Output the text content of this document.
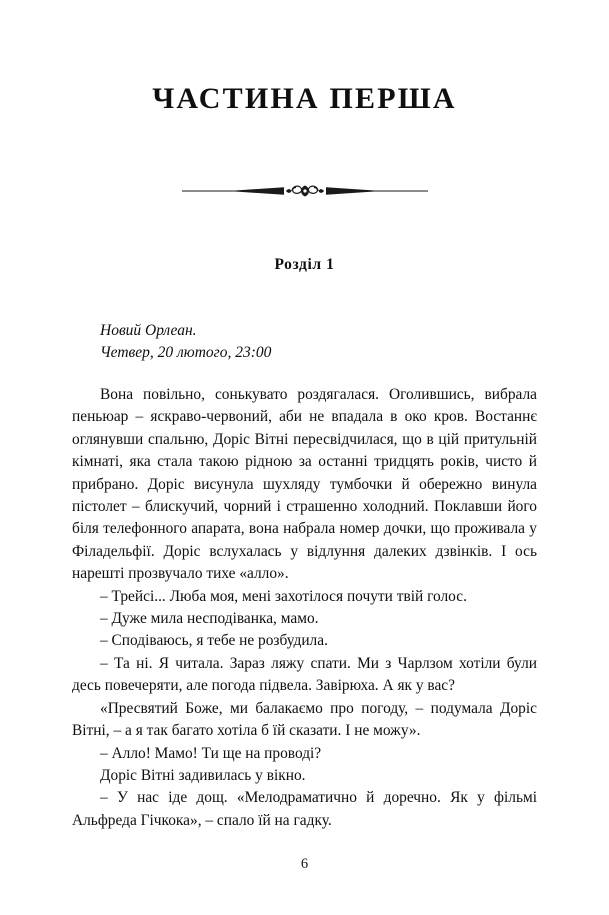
ЧАСТИНА ПЕРША
Розділ 1
Новий Орлеан.
Четвер, 20 лютого, 23:00

Вона повільно, сонькувато роздягалася. Оголившись, вибрала пеньюар – яскраво-червоний, аби не впадала в око кров. Востаннє оглянувши спальню, Доріс Вітні пересвідчилася, що в цій притульній кімнаті, яка стала такою рідною за останні тридцять років, чисто й прибрано. Доріс висунула шухляду тумбочки й обережно винула пістолет – блискучий, чорний і страшенно холодний. Поклавши його біля телефонного апарата, вона набрала номер дочки, що проживала у Філадельфії. Доріс вслухалась у відлуння далеких дзвінків. І ось нарешті прозвучало тихе «алло».

– Трейсі... Люба моя, мені захотілося почути твій голос.

– Дуже мила несподіванка, мамо.

– Сподіваюсь, я тебе не розбудила.

– Та ні. Я читала. Зараз ляжу спати. Ми з Чарлзом хотіли були десь повечеряти, але погода підвела. Завірюха. А як у вас?

«Пресвятий Боже, ми балакаємо про погоду, – подумала Доріс Вітні, – а я так багато хотіла б їй сказати. І не можу».

– Алло! Мамо! Ти ще на проводі?

Доріс Вітні задивилась у вікно.

– У нас іде дощ. «Мелодраматично й доречно. Як у фільмі Альфреда Гічкока», – спало їй на гадку.

6
